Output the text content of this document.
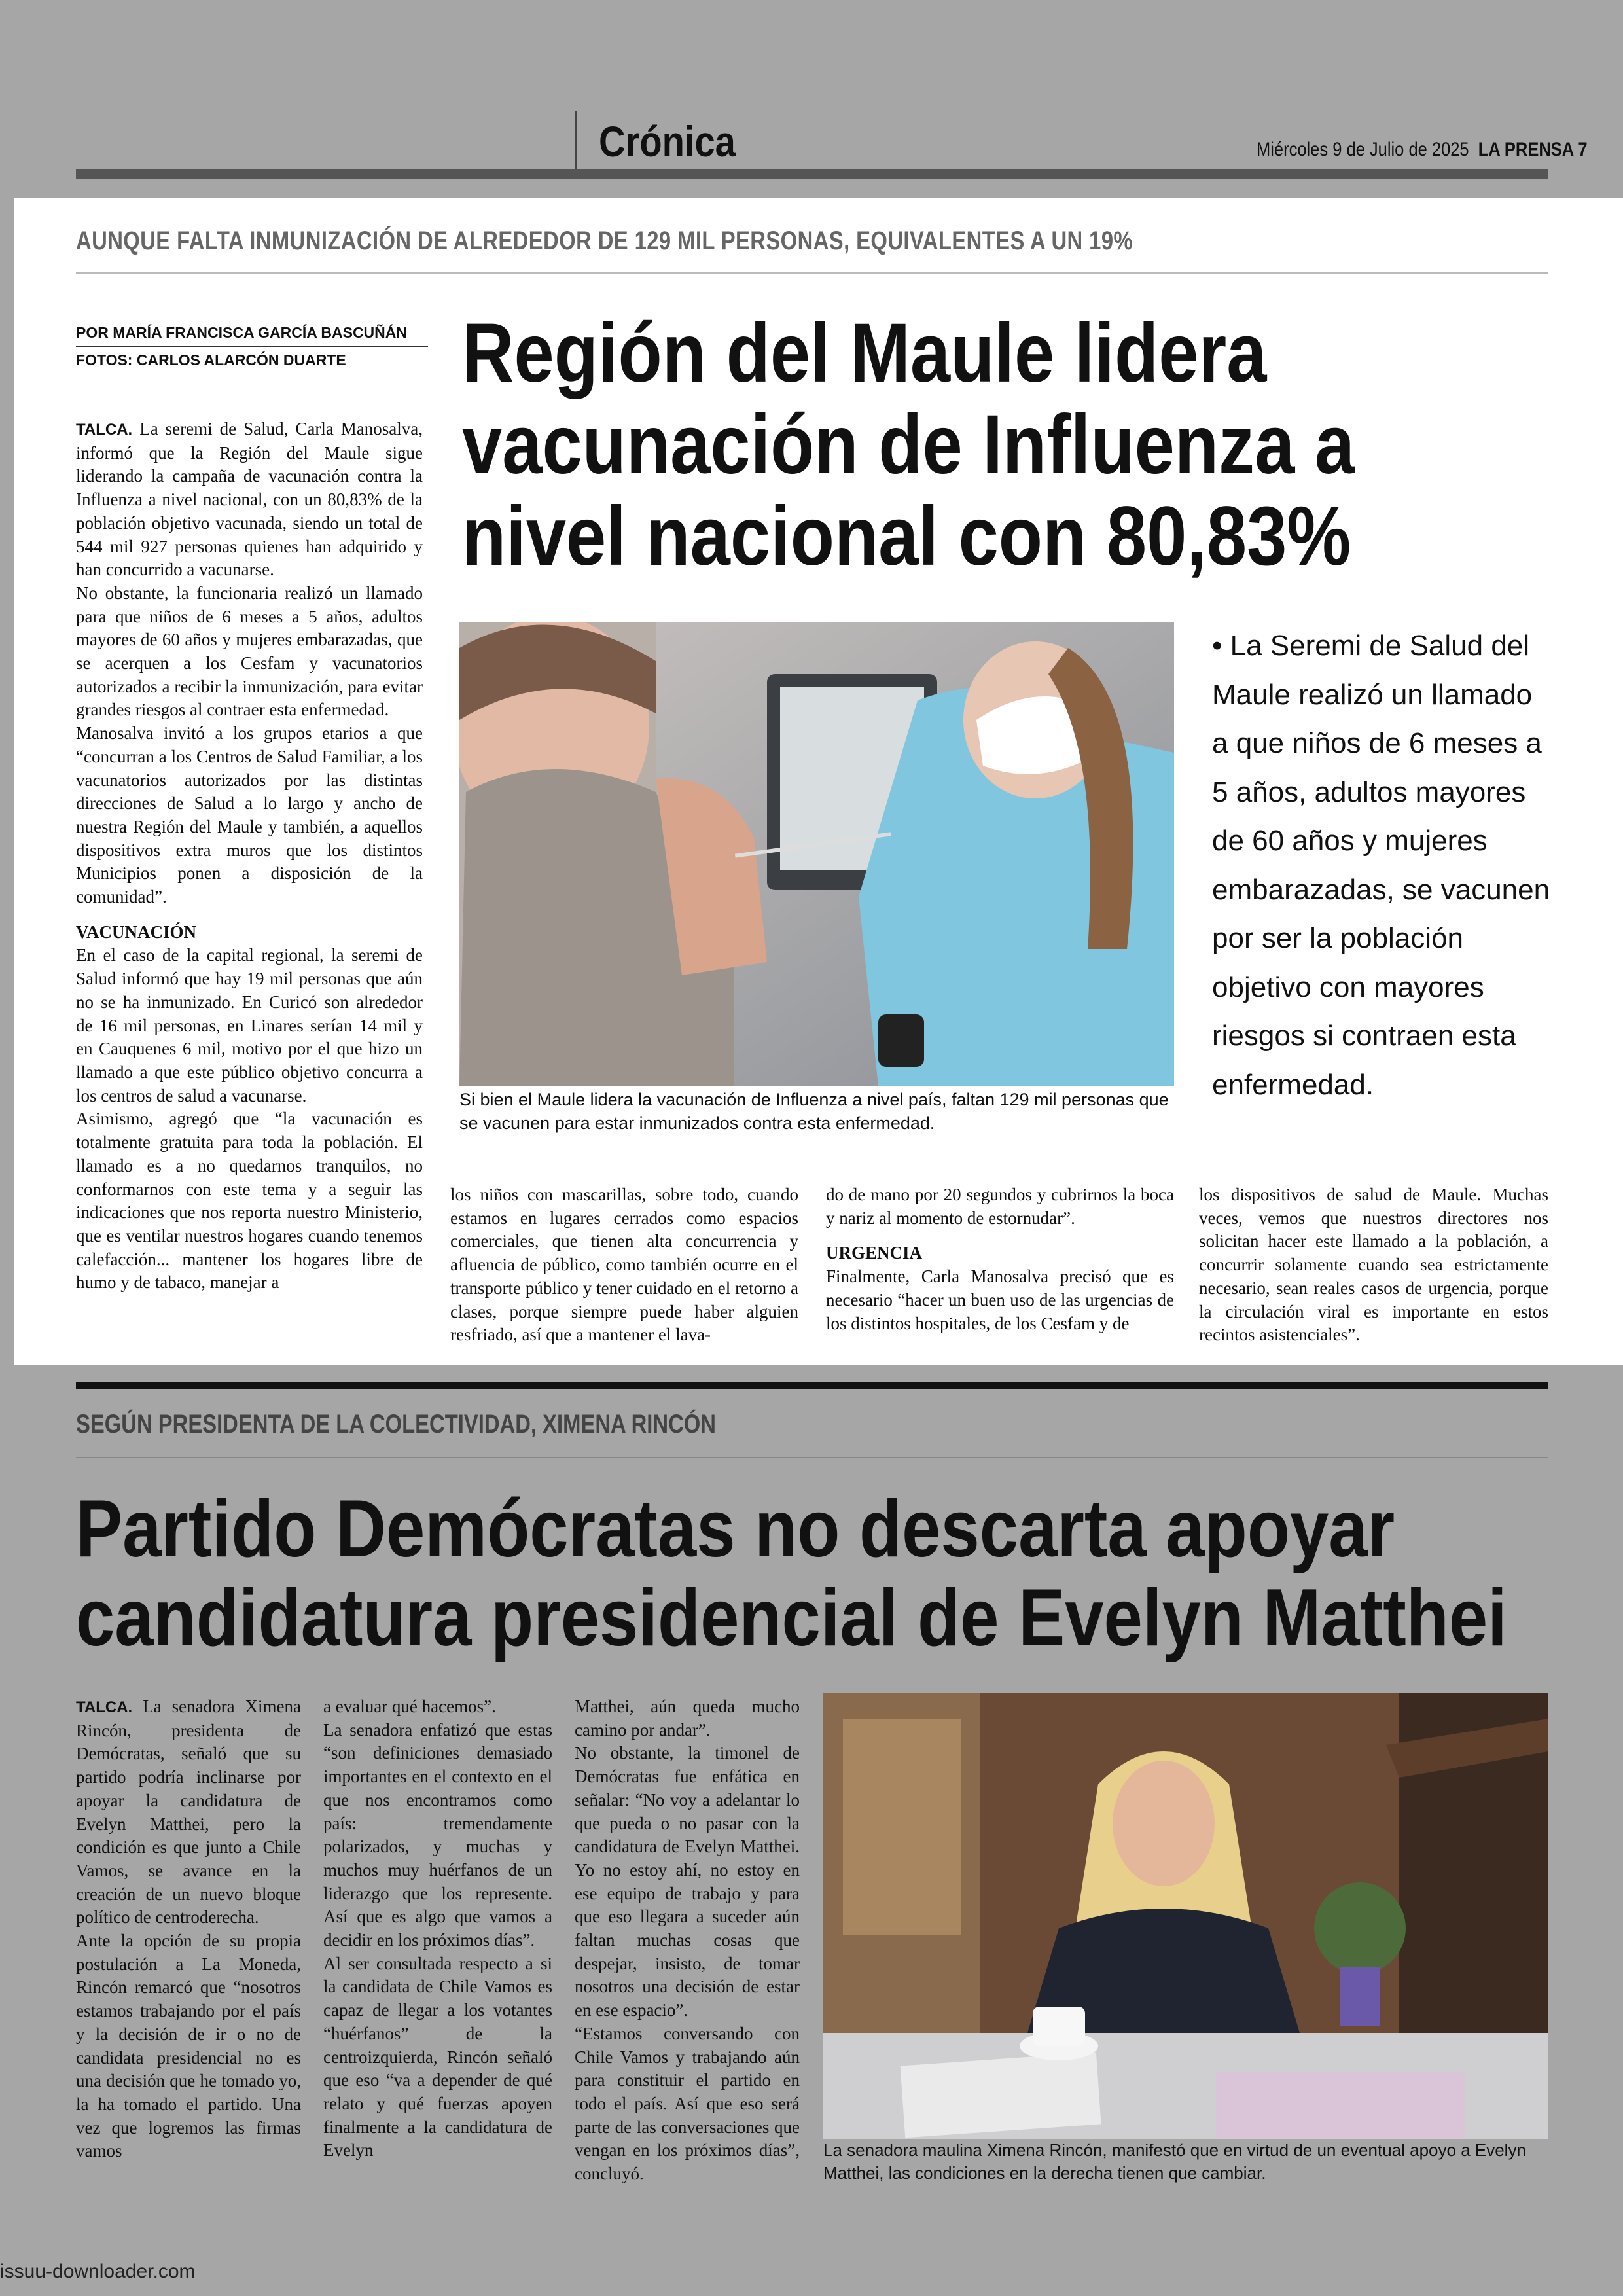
Crónica	Miércoles 9 de Julio de 2025 LA PRENSA 7
AUNQUE FALTA INMUNIZACIÓN DE ALREDEDOR DE 129 MIL PERSONAS, EQUIVALENTES A UN 19%
POR MARÍA FRANCISCA GARCÍA BASCUÑÁN
FOTOS: CARLOS ALARCÓN DUARTE	Región del Maule lidera
vacunación de Influenza a
nivel nacional con 80,83%

TALCA. La seremi de Salud, Carla Manosalva, informó que la Región del Maule sigue liderando la campaña de vacunación contra la Influenza a nivel nacional, con un 80,83% de la población objetivo vacunada, siendo un total de 544 mil 927 personas quienes han adquirido y han concurrido a vacunarse.

No obstante, la funcionaria realizó un llamado para que niños de 6 meses a 5 años, adultos mayores de 60 años y mujeres embarazadas, que se acerquen a los Cesfam y vacunatorios autorizados a recibir la inmunización, para evitar grandes riesgos al contraer esta enfermedad.

Manosalva invitó a los grupos etarios a que “concurran a los Centros de Salud Familiar, a los vacunatorios autorizados por las distintas direcciones de Salud a lo largo y ancho de nuestra Región del Maule y también, a aquellos dispositivos extra muros que los distintos Municipios ponen a disposición de la comunidad”.

VACUNACIÓN

En el caso de la capital regional, la seremi de Salud informó que hay 19 mil personas que aún no se ha inmunizado. En Curicó son alrededor de 16 mil personas, en Linares serían 14 mil y en Cauquenes 6 mil, motivo por el que hizo un llamado a que este público objetivo concurra a los centros de salud a vacunarse.

Asimismo, agregó que “la vacunación es totalmente gratuita para toda la población. El llamado es a no quedarnos tranquilos, no conformarnos con este tema y a seguir las indicaciones que nos reporta nuestro Ministerio, que es ventilar nuestros hogares cuando tenemos calefacción... mantener los hogares libre de humo y de tabaco, manejar a

Si bien el Maule lidera la vacunación de Influenza a nivel país, faltan 129 mil personas que se vacunen para estar inmunizados contra esta enfermedad.
• La Seremi de Salud del Maule realizó un llamado a que niños de 6 meses a 5 años, adultos mayores de 60 años y mujeres embarazadas, se vacunen por ser la población objetivo con mayores riesgos si contraen esta enfermedad.

los niños con mascarillas, sobre todo, cuando estamos en lugares cerrados como espacios comerciales, que tienen alta concurrencia y afluencia de público, como también ocurre en el transporte público y tener cuidado en el retorno a clases, porque siempre puede haber alguien resfriado, así que a mantener el lava-

do de mano por 20 segundos y cubrirnos la boca y nariz al momento de estornudar”.

URGENCIA

Finalmente, Carla Manosalva precisó que es necesario “hacer un buen uso de las urgencias de los distintos hospitales, de los Cesfam y de

los dispositivos de salud de Maule. Muchas veces, vemos que nuestros directores nos solicitan hacer este llamado a la población, a concurrir solamente cuando sea estrictamente necesario, sean reales casos de urgencia, porque la circulación viral es importante en estos recintos asistenciales”.

SEGÚN PRESIDENTA DE LA COLECTIVIDAD, XIMENA RINCÓN
Partido Demócratas no descarta apoyar
candidatura presidencial de Evelyn Matthei

TALCA. La senadora Ximena Rincón, presidenta de Demócratas, señaló que su partido podría inclinarse por apoyar la candidatura de Evelyn Matthei, pero la condición es que junto a Chile Vamos, se avance en la creación de un nuevo bloque político de centroderecha.

Ante la opción de su propia postulación a La Moneda, Rincón remarcó que “nosotros estamos trabajando por el país y la decisión de ir o no de candidata presidencial no es una decisión que he tomado yo, la ha tomado el partido. Una vez que logremos las firmas vamos

a evaluar qué hacemos”.

La senadora enfatizó que estas “son definiciones demasiado importantes en el contexto en el que nos encontramos como país: tremendamente polarizados, y muchas y muchos muy huérfanos de un liderazgo que los represente. Así que es algo que vamos a decidir en los próximos días”.

Al ser consultada respecto a si la candidata de Chile Vamos es capaz de llegar a los votantes “huérfanos” de la centroizquierda, Rincón señaló que eso “va a depender de qué relato y qué fuerzas apoyen finalmente a la candidatura de Evelyn

Matthei, aún queda mucho camino por andar”.

No obstante, la timonel de Demócratas fue enfática en señalar: “No voy a adelantar lo que pueda o no pasar con la candidatura de Evelyn Matthei. Yo no estoy ahí, no estoy en ese equipo de trabajo y para que eso llegara a suceder aún faltan muchas cosas que despejar, insisto, de tomar nosotros una decisión de estar en ese espacio”.

“Estamos conversando con Chile Vamos y trabajando aún para constituir el partido en todo el país. Así que eso será parte de las conversaciones que vengan en los próximos días”, concluyó.

La senadora maulina Ximena Rincón, manifestó que en virtud de un eventual apoyo a Evelyn Matthei, las condiciones en la derecha tienen que cambiar.
issuu-downloader.com
